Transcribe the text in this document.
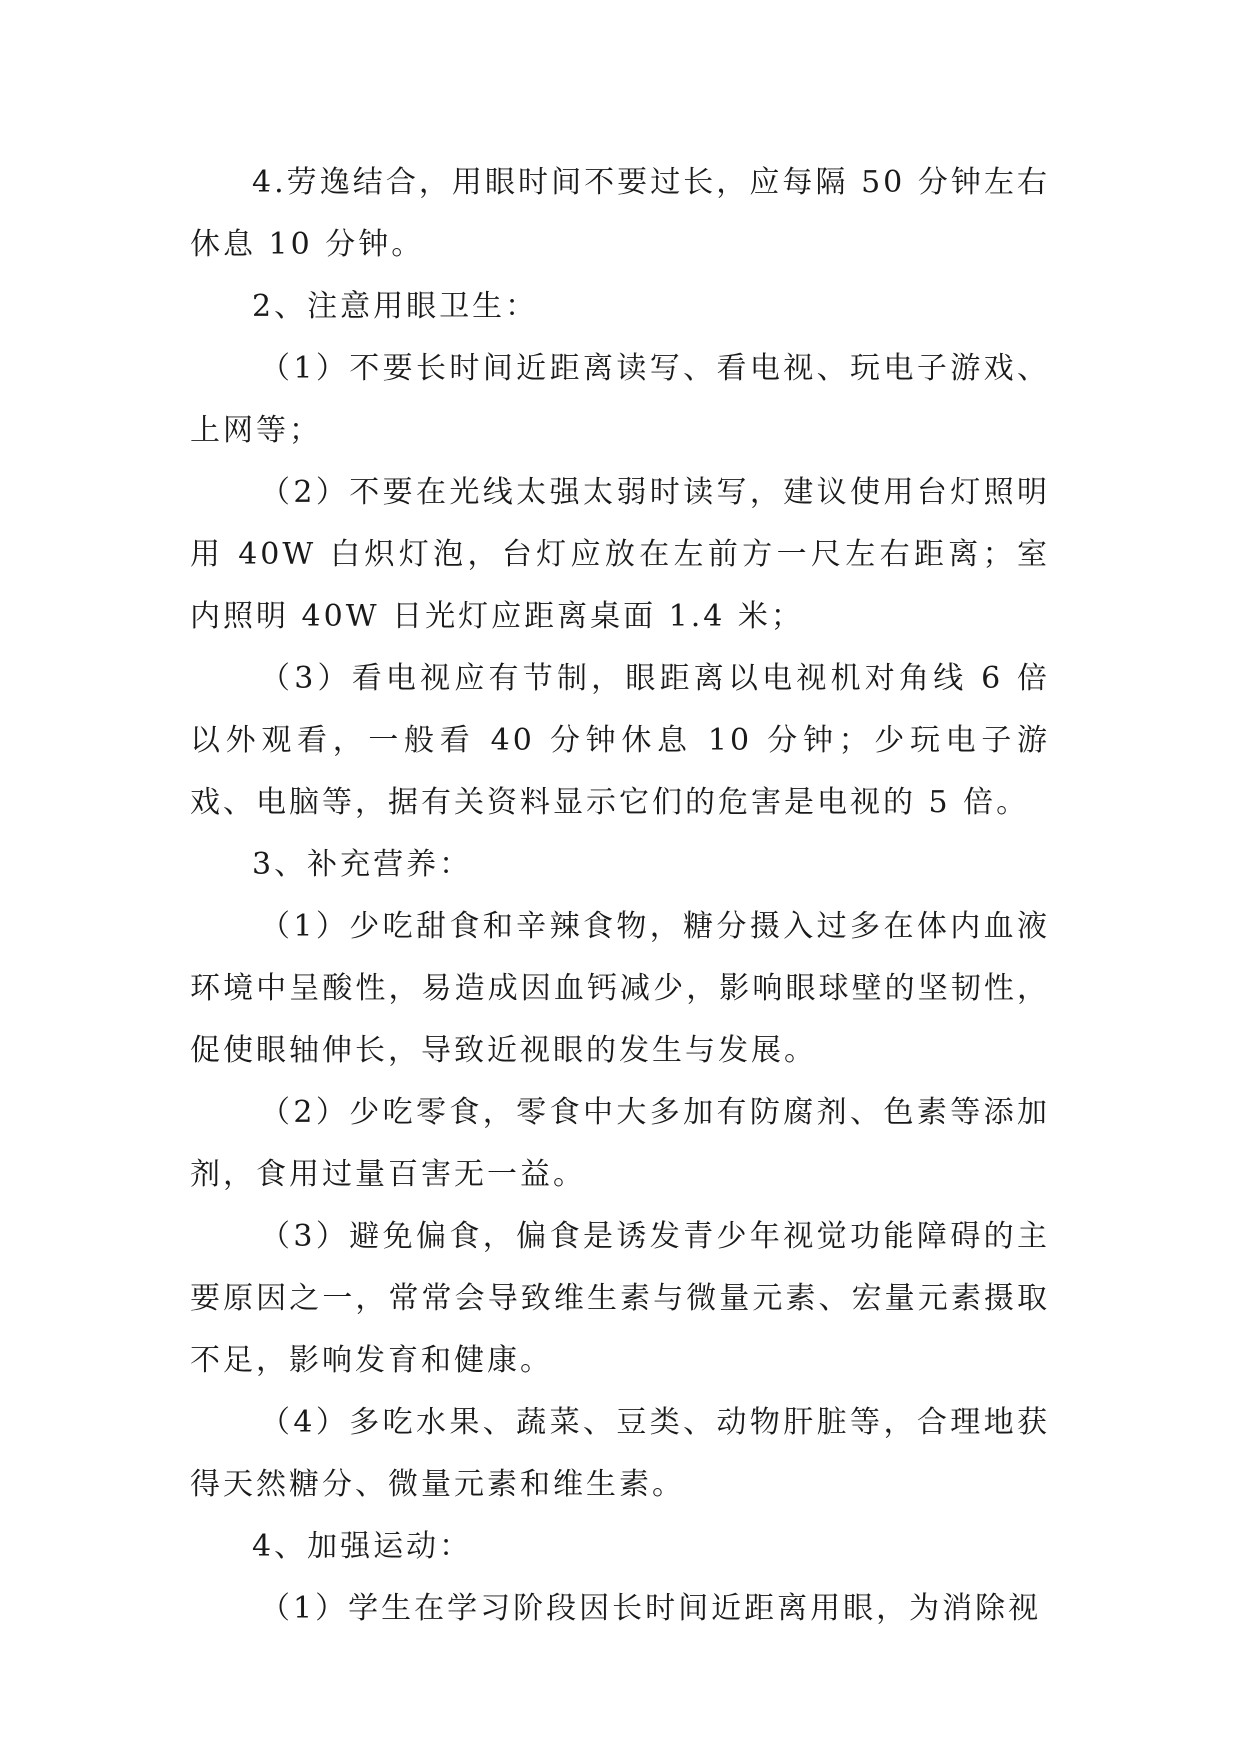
4.劳逸结合，用眼时间不要过长，应每隔 50 分钟左右休息 10 分钟。

2、注意用眼卫生：

（1）不要长时间近距离读写、看电视、玩电子游戏、上网等；

（2）不要在光线太强太弱时读写，建议使用台灯照明用 40W 白炽灯泡，台灯应放在左前方一尺左右距离；室内照明 40W 日光灯应距离桌面 1.4 米；

（3）看电视应有节制，眼距离以电视机对角线 6 倍以外观看，一般看 40 分钟休息 10 分钟；少玩电子游戏、电脑等，据有关资料显示它们的危害是电视的 5 倍。

3、补充营养：

（1）少吃甜食和辛辣食物，糖分摄入过多在体内血液环境中呈酸性，易造成因血钙减少，影响眼球壁的坚韧性，促使眼轴伸长，导致近视眼的发生与发展。

（2）少吃零食，零食中大多加有防腐剂、色素等添加剂，食用过量百害无一益。

（3）避免偏食，偏食是诱发青少年视觉功能障碍的主要原因之一，常常会导致维生素与微量元素、宏量元素摄取不足，影响发育和健康。

（4）多吃水果、蔬菜、豆类、动物肝脏等，合理地获得天然糖分、微量元素和维生素。

4、加强运动：

（1）学生在学习阶段因长时间近距离用眼，为消除视
